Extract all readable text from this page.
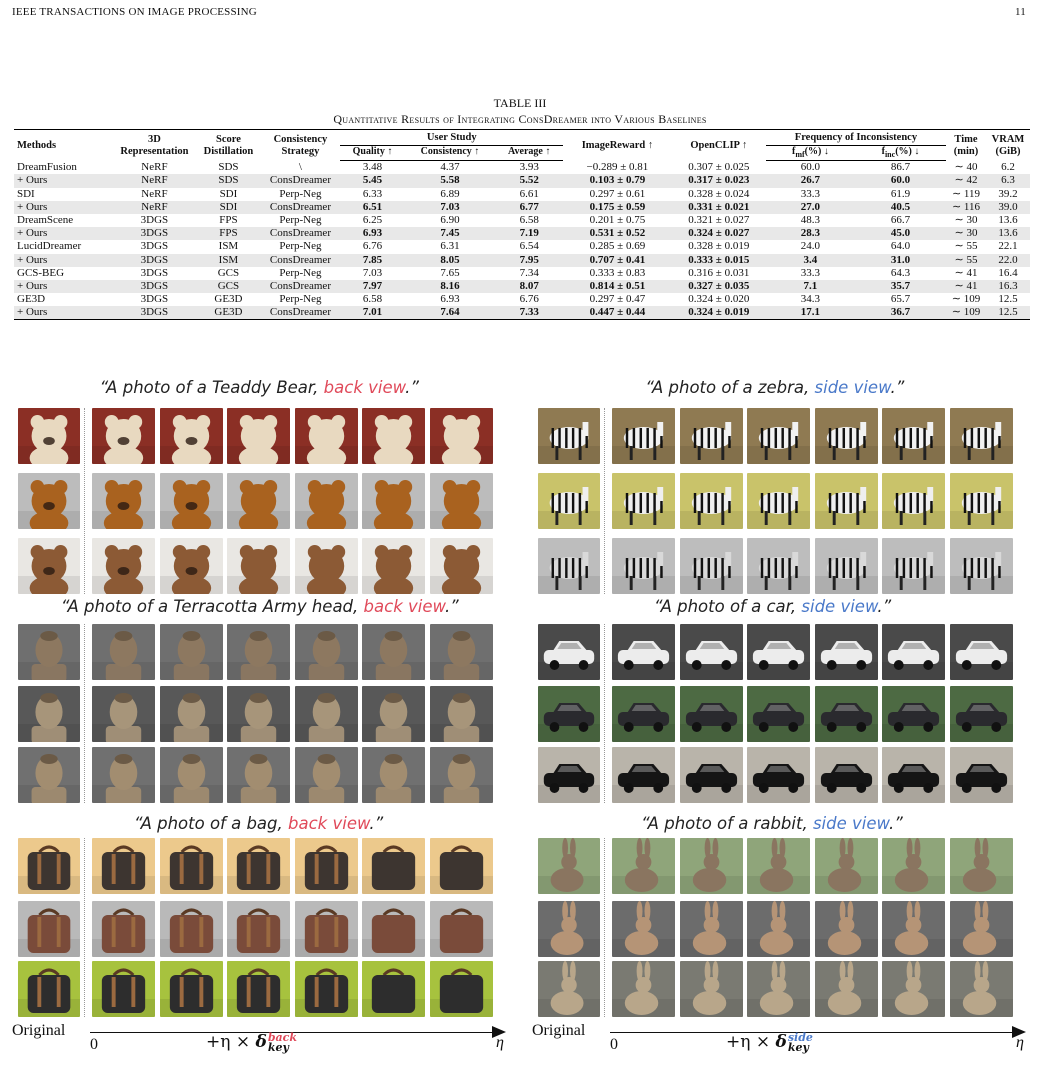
IEEE TRANSACTIONS ON IMAGE PROCESSING	11
TABLE III
Quantitative Results of Integrating ConsDreamer into Various Baselines
Methods	3D Representation	Score Distillation	Consistency Strategy	User Study			ImageReward ↑	OpenCLIP ↑	Frequency of Inconsistency		Time (min)	VRAM (GiB)
				Quality ↑	Consistency ↑	Average ↑			$f_{mf}(\%)$ ↓	$f_{inc}(\%)$ ↓		
DreamFusion	NeRF	SDS	\	3.48	4.37	3.93	−0.289 ± 0.81	0.307 ± 0.025	60.0	86.7	∼ 40	6.2
+ Ours	NeRF	SDS	ConsDreamer	5.45	5.58	5.52	0.103 ± 0.79	0.317 ± 0.023	26.7	60.0	∼ 42	6.3
SDI	NeRF	SDI	Perp-Neg	6.33	6.89	6.61	0.297 ± 0.61	0.328 ± 0.024	33.3	61.9	∼ 119	39.2
+ Ours	NeRF	SDI	ConsDreamer	6.51	7.03	6.77	0.175 ± 0.59	0.331 ± 0.021	27.0	40.5	∼ 116	39.0
DreamScene	3DGS	FPS	Perp-Neg	6.25	6.90	6.58	0.201 ± 0.75	0.321 ± 0.027	48.3	66.7	∼ 30	13.6
+ Ours	3DGS	FPS	ConsDreamer	6.93	7.45	7.19	0.531 ± 0.52	0.324 ± 0.027	28.3	45.0	∼ 30	13.6
LucidDreamer	3DGS	ISM	Perp-Neg	6.76	6.31	6.54	0.285 ± 0.69	0.328 ± 0.019	24.0	64.0	∼ 55	22.1
+ Ours	3DGS	ISM	ConsDreamer	7.85	8.05	7.95	0.707 ± 0.41	0.333 ± 0.015	3.4	31.0	∼ 55	22.0
GCS-BEG	3DGS	GCS	Perp-Neg	7.03	7.65	7.34	0.333 ± 0.83	0.316 ± 0.031	33.3	64.3	∼ 41	16.4
+ Ours	3DGS	GCS	ConsDreamer	7.97	8.16	8.07	0.814 ± 0.51	0.327 ± 0.035	7.1	35.7	∼ 41	16.3
GE3D	3DGS	GE3D	Perp-Neg	6.58	6.93	6.76	0.297 ± 0.47	0.324 ± 0.020	34.3	65.7	∼ 109	12.5
+ Ours	3DGS	GE3D	ConsDreamer	7.01	7.64	7.33	0.447 ± 0.44	0.324 ± 0.019	17.1	36.7	∼ 109	12.5
“A photo of a Teaddy Bear, back view.”	“A photo of a zebra, side view.”
“A photo of a Terracotta Army head, back view.”	“A photo of a car, side view.”
“A photo of a bag, back view.”	“A photo of a rabbit, side view.”
Original
0	η
+η × δ back
key
Original
0	η
+η × δ side
key
